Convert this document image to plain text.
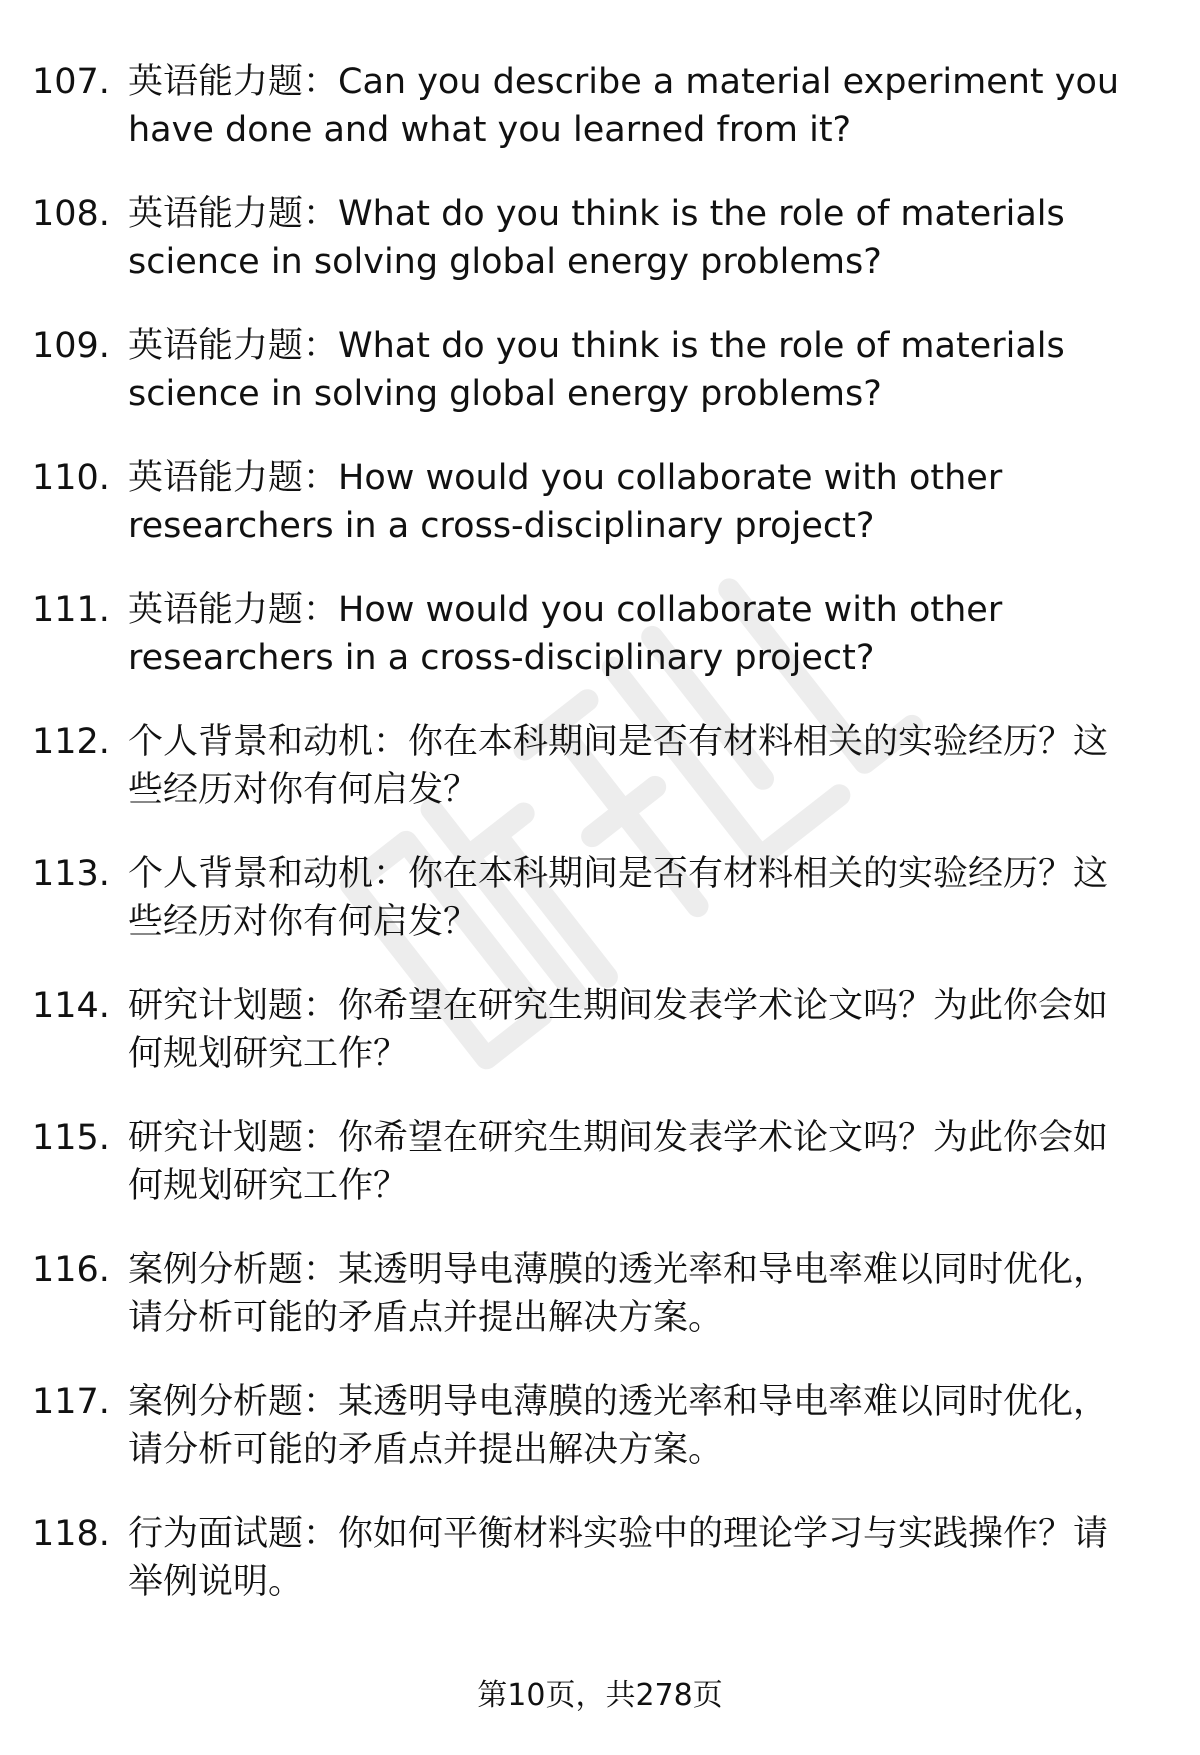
107. 英语能力题：Can you describe a material experiment you have done and what you learned from it?
108. 英语能力题：What do you think is the role of materials science in solving global energy problems?
109. 英语能力题：What do you think is the role of materials science in solving global energy problems?
110. 英语能力题：How would you collaborate with other researchers in a cross-disciplinary project?
111. 英语能力题：How would you collaborate with other researchers in a cross-disciplinary project?
112. 个人背景和动机：你在本科期间是否有材料相关的实验经历？这些经历对你有何启发？
113. 个人背景和动机：你在本科期间是否有材料相关的实验经历？这些经历对你有何启发？
114. 研究计划题：你希望在研究生期间发表学术论文吗？为此你会如何规划研究工作？
115. 研究计划题：你希望在研究生期间发表学术论文吗？为此你会如何规划研究工作？
116. 案例分析题：某透明导电薄膜的透光率和导电率难以同时优化，请分析可能的矛盾点并提出解决方案。
117. 案例分析题：某透明导电薄膜的透光率和导电率难以同时优化，请分析可能的矛盾点并提出解决方案。
118. 行为面试题：你如何平衡材料实验中的理论学习与实践操作？请举例说明。
第10页，共278页
